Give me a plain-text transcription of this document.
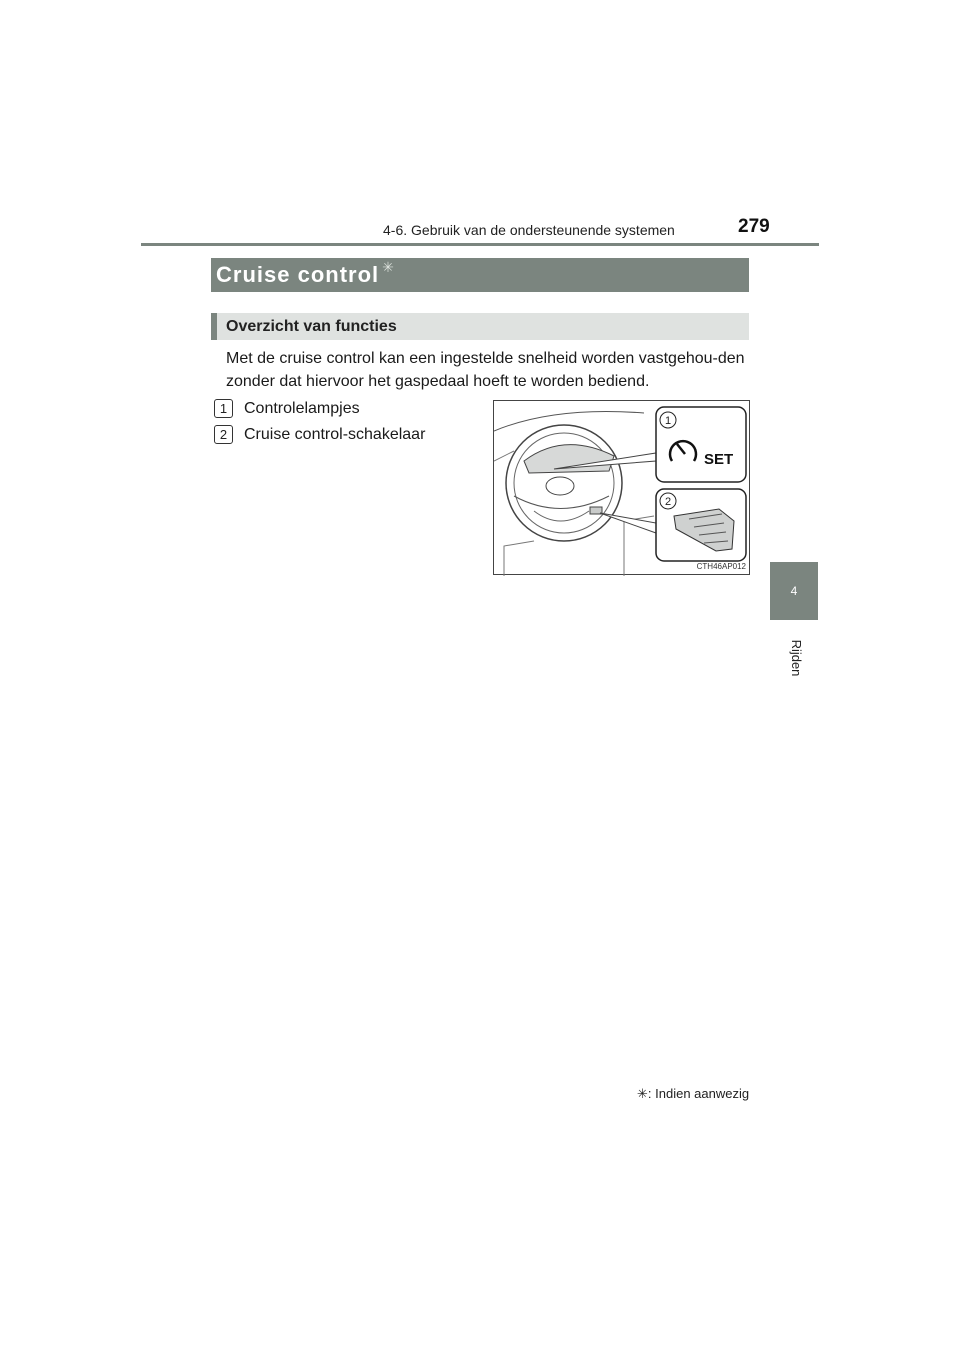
4-6. Gebruik van de ondersteunende systemen	279
4
Rijden
Cruise control ✳
Overzicht van functies
Met de cruise control kan een ingestelde snelheid worden vastgehou-den zonder dat hiervoor het gaspedaal hoeft te worden bediend.
1	Controlelampjes
2	Cruise control-schakelaar
1
2
SET
CTH46AP012
✳: Indien aanwezig
